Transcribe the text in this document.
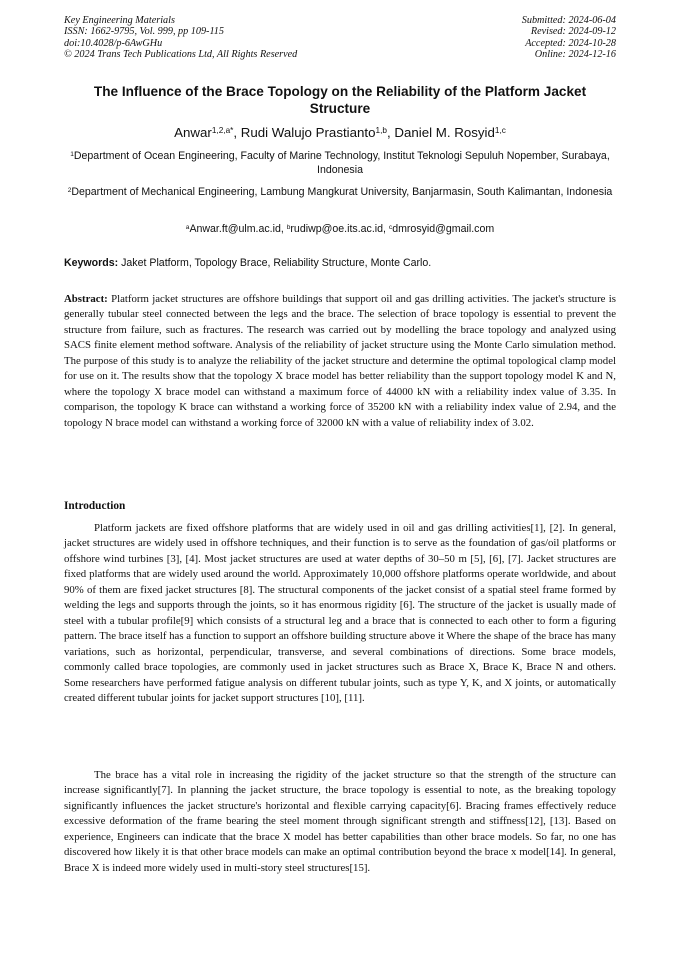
Key Engineering Materials
ISSN: 1662-9795, Vol. 999, pp 109-115
doi:10.4028/p-6AwGHu
© 2024 Trans Tech Publications Ltd, All Rights Reserved
Submitted: 2024-06-04
Revised: 2024-09-12
Accepted: 2024-10-28
Online: 2024-12-16
The Influence of the Brace Topology on the Reliability of the Platform Jacket Structure
Anwar$^{1,2,a*}$, Rudi Walujo Prastianto$^{1,b}$, Daniel M. Rosyid$^{1,c}$
$^1$Department of Ocean Engineering, Faculty of Marine Technology, Institut Teknologi Sepuluh Nopember, Surabaya, Indonesia
$^2$Department of Mechanical Engineering, Lambung Mangkurat University, Banjarmasin, South Kalimantan, Indonesia
$^a$Anwar.ft@ulm.ac.id, $^b$rudiwp@oe.its.ac.id, $^c$dmrosyid@gmail.com
Keywords: Jaket Platform, Topology Brace, Reliability Structure, Monte Carlo.
Abstract: Platform jacket structures are offshore buildings that support oil and gas drilling activities. The jacket's structure is generally tubular steel connected between the legs and the brace. The selection of brace topology is essential to prevent the structure from failure, such as fractures. The research was carried out by modelling the brace topology and analyzed using SACS finite element method software. Analysis of the reliability of jacket structure using the Monte Carlo simulation method. The purpose of this study is to analyze the reliability of the jacket structure and determine the optimal topological clamp model for use on it. The results show that the topology X brace model has better reliability than the support topology model K and N, where the topology X brace model can withstand a maximum force of 44000 kN with a reliability index value of 3.35. In comparison, the topology K brace can withstand a working force of 35200 kN with a reliability index value of 2.94, and the topology N brace model can withstand a working force of 32000 kN with a value of reliability index of 3.02.
Introduction
Platform jackets are fixed offshore platforms that are widely used in oil and gas drilling activities[1], [2]. In general, jacket structures are widely used in offshore techniques, and their function is to serve as the foundation of gas/oil platforms or offshore wind turbines [3], [4]. Most jacket structures are used at water depths of 30–50 m [5], [6], [7]. Jacket structures are fixed platforms that are widely used around the world. Approximately 10,000 offshore platforms operate worldwide, and about 90% of them are fixed jacket structures [8]. The structural components of the jacket consist of a spatial steel frame formed by welding the legs and supports through the joints, so it has enormous rigidity [6]. The structure of the jacket is usually made of steel with a tubular profile[9] which consists of a structural leg and a brace that is connected to each other to form a figuring pattern. The brace itself has a function to support an offshore building structure above it Where the shape of the brace has many variations, such as horizontal, perpendicular, transverse, and several combinations of directions. Some brace models, commonly called brace topologies, are commonly used in jacket structures such as Brace X, Brace K, Brace N and others. Some researchers have performed fatigue analysis on different tubular joints, such as type Y, K, and X joints, or automatically created different tubular joints for jacket support structures [10], [11].
The brace has a vital role in increasing the rigidity of the jacket structure so that the strength of the structure can increase significantly[7]. In planning the jacket structure, the brace topology is essential to note, as the breaking topology significantly influences the jacket structure's horizontal and flexible carrying capacity[6]. Bracing frames effectively reduce excessive deformation of the frame bearing the steel moment through significant strength and stiffness[12], [13]. Based on experience, Engineers can indicate that the brace X model has better capabilities than other brace models. So far, no one has discovered how likely it is that other brace models can make an optimal contribution beyond the brace x model[14]. In general, Brace X is indeed more widely used in multi-story steel structures[15].
